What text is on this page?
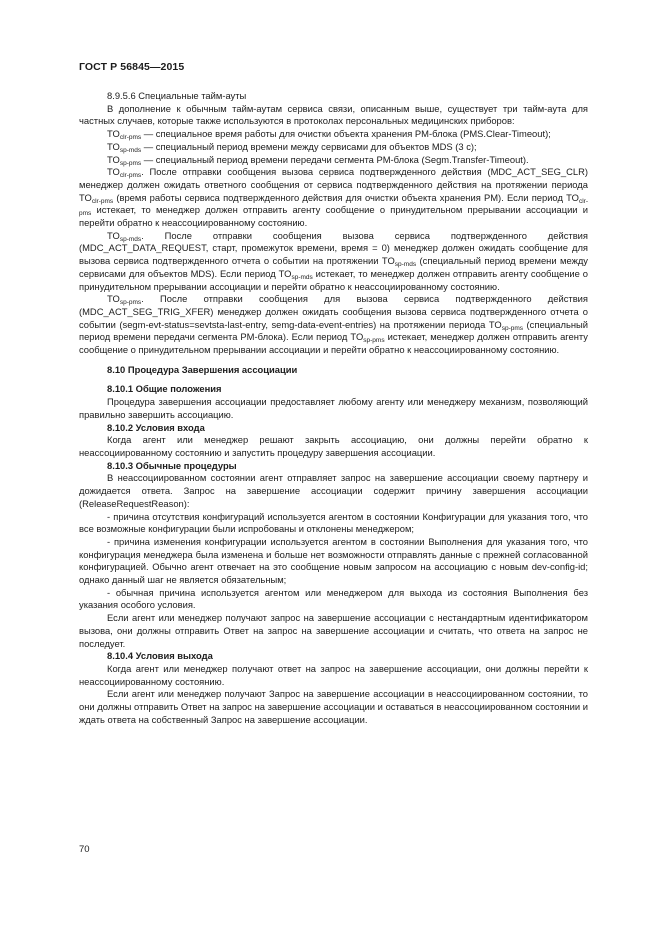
ГОСТ Р 56845—2015

8.9.5.6 Специальные тайм-ауты

В дополнение к обычным тайм-аутам сервиса связи, описанным выше, существует три тайм-аута для частных случаев, которые также используются в протоколах персональных медицинских приборов:

$TO_{clr-pms}$ — специальное время работы для очистки объекта хранения PM-блока (PMS.Clear-Timeout);

$TO_{sp-mds}$ — специальный период времени между сервисами для объектов MDS (3 с);

$TO_{sp-pms}$ — специальный период времени передачи сегмента PM-блока (Segm.Transfer-Timeout).

$TO_{clr-pms}$. После отправки сообщения вызова сервиса подтвержденного действия (MDC_ACT_SEG_CLR) менеджер должен ожидать ответного сообщения от сервиса подтвержденного действия на протяжении периода $TO_{clr-pms}$ (время работы сервиса подтвержденного действия для очистки объекта хранения PM). Если период $TO_{clr-pms}$ истекает, то менеджер должен отправить агенту сообщение о принудительном прерывании ассоциации и перейти обратно к неассоциированному состоянию.

$TO_{sp-mds}$. После отправки сообщения вызова сервиса подтвержденного действия (MDC_ACT_DATA_REQUEST, старт, промежуток времени, время = 0) менеджер должен ожидать сообщение для вызова сервиса подтвержденного отчета о событии на протяжении $TO_{sp-mds}$ (специальный период времени между сервисами для объектов MDS). Если период $TO_{sp-mds}$ истекает, то менеджер должен отправить агенту сообщение о принудительном прерывании ассоциации и перейти обратно к неассоциированному состоянию.

$TO_{sp-pms}$. После отправки сообщения для вызова сервиса подтвержденного действия (MDC_ACT_SEG_TRIG_XFER) менеджер должен ожидать сообщения вызова сервиса подтвержденного отчета о событии (segm-evt-status=sevtsta-last-entry, semg-data-event-entries) на протяжении периода $TO_{sp-pms}$ (специальный период времени передачи сегмента PM-блока). Если период $TO_{sp-pms}$ истекает, менеджер должен отправить агенту сообщение о принудительном прерывании ассоциации и перейти обратно к неассоциированному состоянию.

8.10 Процедура Завершения ассоциации

8.10.1 Общие положения

Процедура завершения ассоциации предоставляет любому агенту или менеджеру механизм, позволяющий правильно завершить ассоциацию.

8.10.2 Условия входа

Когда агент или менеджер решают закрыть ассоциацию, они должны перейти обратно к неассоциированному состоянию и запустить процедуру завершения ассоциации.

8.10.3 Обычные процедуры

В неассоциированном состоянии агент отправляет запрос на завершение ассоциации своему партнеру и дожидается ответа. Запрос на завершение ассоциации содержит причину завершения ассоциации (ReleaseRequestReason):

- причина отсутствия конфигураций используется агентом в состоянии Конфигурации для указания того, что все возможные конфигурации были испробованы и отклонены менеджером;

- причина изменения конфигурации используется агентом в состоянии Выполнения для указания того, что конфигурация менеджера была изменена и больше нет возможности отправлять данные с прежней согласованной конфигурацией. Обычно агент отвечает на это сообщение новым запросом на ассоциацию с новым dev-config-id; однако данный шаг не является обязательным;

- обычная причина используется агентом или менеджером для выхода из состояния Выполнения без указания особого условия.

Если агент или менеджер получают запрос на завершение ассоциации с нестандартным идентификатором вызова, они должны отправить Ответ на запрос на завершение ассоциации и считать, что ответа на запрос не последует.

8.10.4 Условия выхода

Когда агент или менеджер получают ответ на запрос на завершение ассоциации, они должны перейти к неассоциированному состоянию.

Если агент или менеджер получают Запрос на завершение ассоциации в неассоциированном состоянии, то они должны отправить Ответ на запрос на завершение ассоциации и оставаться в неассоциированном состоянии и ждать ответа на собственный Запрос на завершение ассоциации.

70
